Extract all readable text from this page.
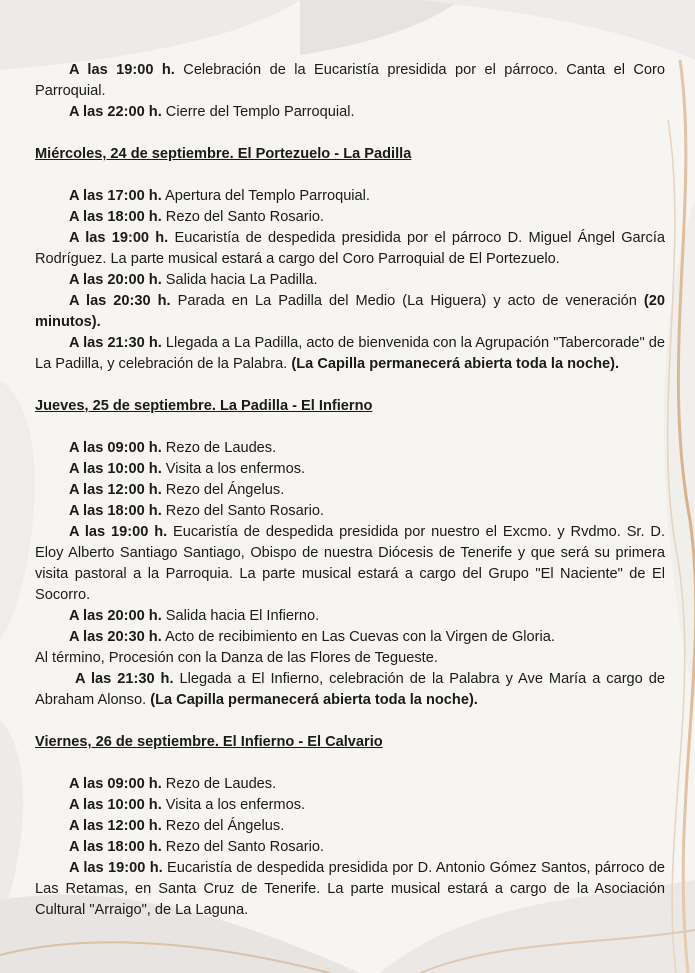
A las 19:00 h. Celebración de la Eucaristía presidida por el párroco. Canta el Coro Parroquial.

A las 22:00 h. Cierre del Templo Parroquial.

Miércoles, 24 de septiembre. El Portezuelo - La Padilla

A las 17:00 h. Apertura del Templo Parroquial.

A las 18:00 h. Rezo del Santo Rosario.

A las 19:00 h. Eucaristía de despedida presidida por el párroco D. Miguel Ángel García Rodríguez. La parte musical estará a cargo del Coro Parroquial de El Portezuelo.

A las 20:00 h. Salida hacia La Padilla.

A las 20:30 h. Parada en La Padilla del Medio (La Higuera) y acto de veneración (20 minutos).

A las 21:30 h. Llegada a La Padilla, acto de bienvenida con la Agrupación "Tabercorade" de La Padilla, y celebración de la Palabra. (La Capilla permanecerá abierta toda la noche).

Jueves, 25 de septiembre. La Padilla - El Infierno

A las 09:00 h. Rezo de Laudes.

A las 10:00 h. Visita a los enfermos.

A las 12:00 h. Rezo del Ángelus.

A las 18:00 h. Rezo del Santo Rosario.

A las 19:00 h. Eucaristía de despedida presidida por nuestro el Excmo. y Rvdmo. Sr. D. Eloy Alberto Santiago Santiago, Obispo de nuestra Diócesis de Tenerife y que será su primera visita pastoral a la Parroquia. La parte musical estará a cargo del Grupo "El Naciente" de El Socorro.

A las 20:00 h. Salida hacia El Infierno.

A las 20:30 h. Acto de recibimiento en Las Cuevas con la Virgen de Gloria.

Al término, Procesión con la Danza de las Flores de Tegueste.

A las 21:30 h. Llegada a El Infierno, celebración de la Palabra y Ave María a cargo de Abraham Alonso. (La Capilla permanecerá abierta toda la noche).

Viernes, 26 de septiembre. El Infierno - El Calvario

A las 09:00 h. Rezo de Laudes.

A las 10:00 h. Visita a los enfermos.

A las 12:00 h. Rezo del Ángelus.

A las 18:00 h. Rezo del Santo Rosario.

A las 19:00 h. Eucaristía de despedida presidida por D. Antonio Gómez Santos, párroco de Las Retamas, en Santa Cruz de Tenerife. La parte musical estará a cargo de la Asociación Cultural "Arraigo", de La Laguna.
